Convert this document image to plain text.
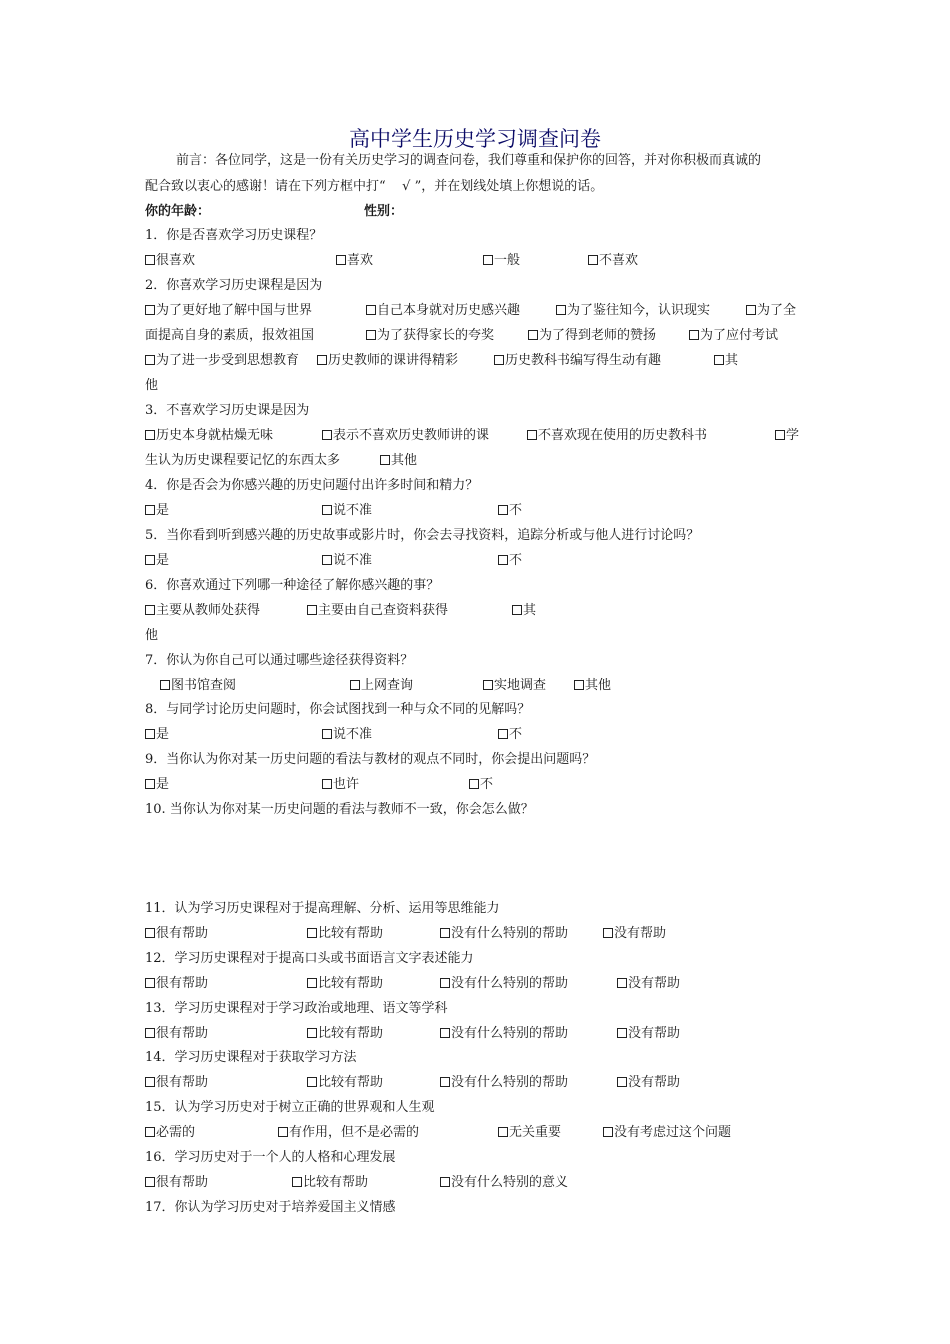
高中学生历史学习调查问卷
前言：各位同学，这是一份有关历史学习的调查问卷，我们尊重和保护你的回答，并对你积极而真诚的
配合致以衷心的感谢！请在下列方框中打“    √ ”，并在划线处填上你想说的话。
你的年龄：	性别：
1．你是否喜欢学习历史课程？
很喜欢	喜欢	一般	不喜欢
2．你喜欢学习历史课程是因为
为了更好地了解中国与世界	自己本身就对历史感兴趣	为了鉴往知今，认识现实	为了全
面提高自身的素质，报效祖国	为了获得家长的夸奖	为了得到老师的赞扬	为了应付考试
为了进一步受到思想教育	历史教师的课讲得精彩	历史教科书编写得生动有趣	其
他
3．不喜欢学习历史课是因为
历史本身就枯燥无味	表示不喜欢历史教师讲的课	不喜欢现在使用的历史教科书	学
生认为历史课程要记忆的东西太多	其他
4．你是否会为你感兴趣的历史问题付出许多时间和精力？
是	说不准	不
5．当你看到听到感兴趣的历史故事或影片时，你会去寻找资料，追踪分析或与他人进行讨论吗？
是	说不准	不
6．你喜欢通过下列哪一种途径了解你感兴趣的事？
主要从教师处获得	主要由自己查资料获得	其
他
7．你认为你自己可以通过哪些途径获得资料？
图书馆查阅	上网查询	实地调查	其他
8．与同学讨论历史问题时，你会试图找到一种与众不同的见解吗？
是	说不准	不
9．当你认为你对某一历史问题的看法与教材的观点不同时，你会提出问题吗？
是	也许	不
10. 当你认为你对某一历史问题的看法与教师不一致，你会怎么做？
11．认为学习历史课程对于提高理解、分析、运用等思维能力
很有帮助	比较有帮助	没有什么特别的帮助	没有帮助
12．学习历史课程对于提高口头或书面语言文字表述能力
很有帮助	比较有帮助	没有什么特别的帮助	没有帮助
13．学习历史课程对于学习政治或地理、语文等学科
很有帮助	比较有帮助	没有什么特别的帮助	没有帮助
14．学习历史课程对于获取学习方法
很有帮助	比较有帮助	没有什么特别的帮助	没有帮助
15．认为学习历史对于树立正确的世界观和人生观
必需的	有作用，但不是必需的	无关重要	没有考虑过这个问题
16．学习历史对于一个人的人格和心理发展
很有帮助	比较有帮助	没有什么特别的意义
17．你认为学习历史对于培养爱国主义情感
